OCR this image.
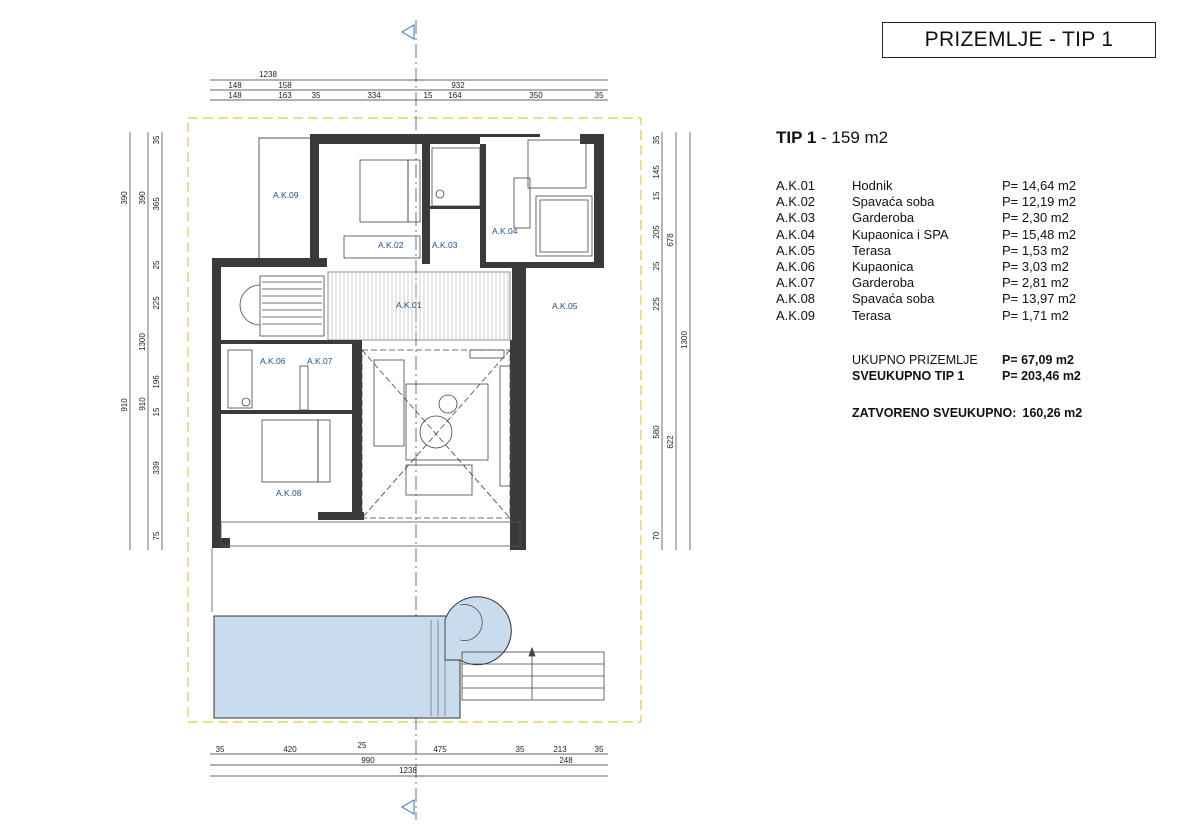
PRIZEMLJE - TIP 1
A.K.09
A.K.02	A.K.03
A.K.04
A.K.01	A.K.05
A.K.06	A.K.07
A.K.08
1238
148	158	932
148	163 35	334	15 164	350	35
35	420	25	475	35	213	35
990	248
1238
910
390
1300
390
910
35
365
25
225
196
15
339
75
35
145
15
205
25
225
580
70
678
622
1300
TIP 1 - 159 m2
A.K.01	Hodnik	P= 14,64 m2
A.K.02	Spavaća soba	P= 12,19 m2
A.K.03	Garderoba	P= 2,30 m2
A.K.04	Kupaonica i SPA	P= 15,48 m2
A.K.05	Terasa	P= 1,53 m2
A.K.06	Kupaonica	P= 3,03 m2
A.K.07	Garderoba	P= 2,81 m2
A.K.08	Spavaća soba	P= 13,97 m2
A.K.09	Terasa	P= 1,71 m2
UKUPNO PRIZEMLJE	P= 67,09 m2
SVEUKUPNO TIP 1	P= 203,46 m2
ZATVORENO SVEUKUPNO: 160,26 m2
